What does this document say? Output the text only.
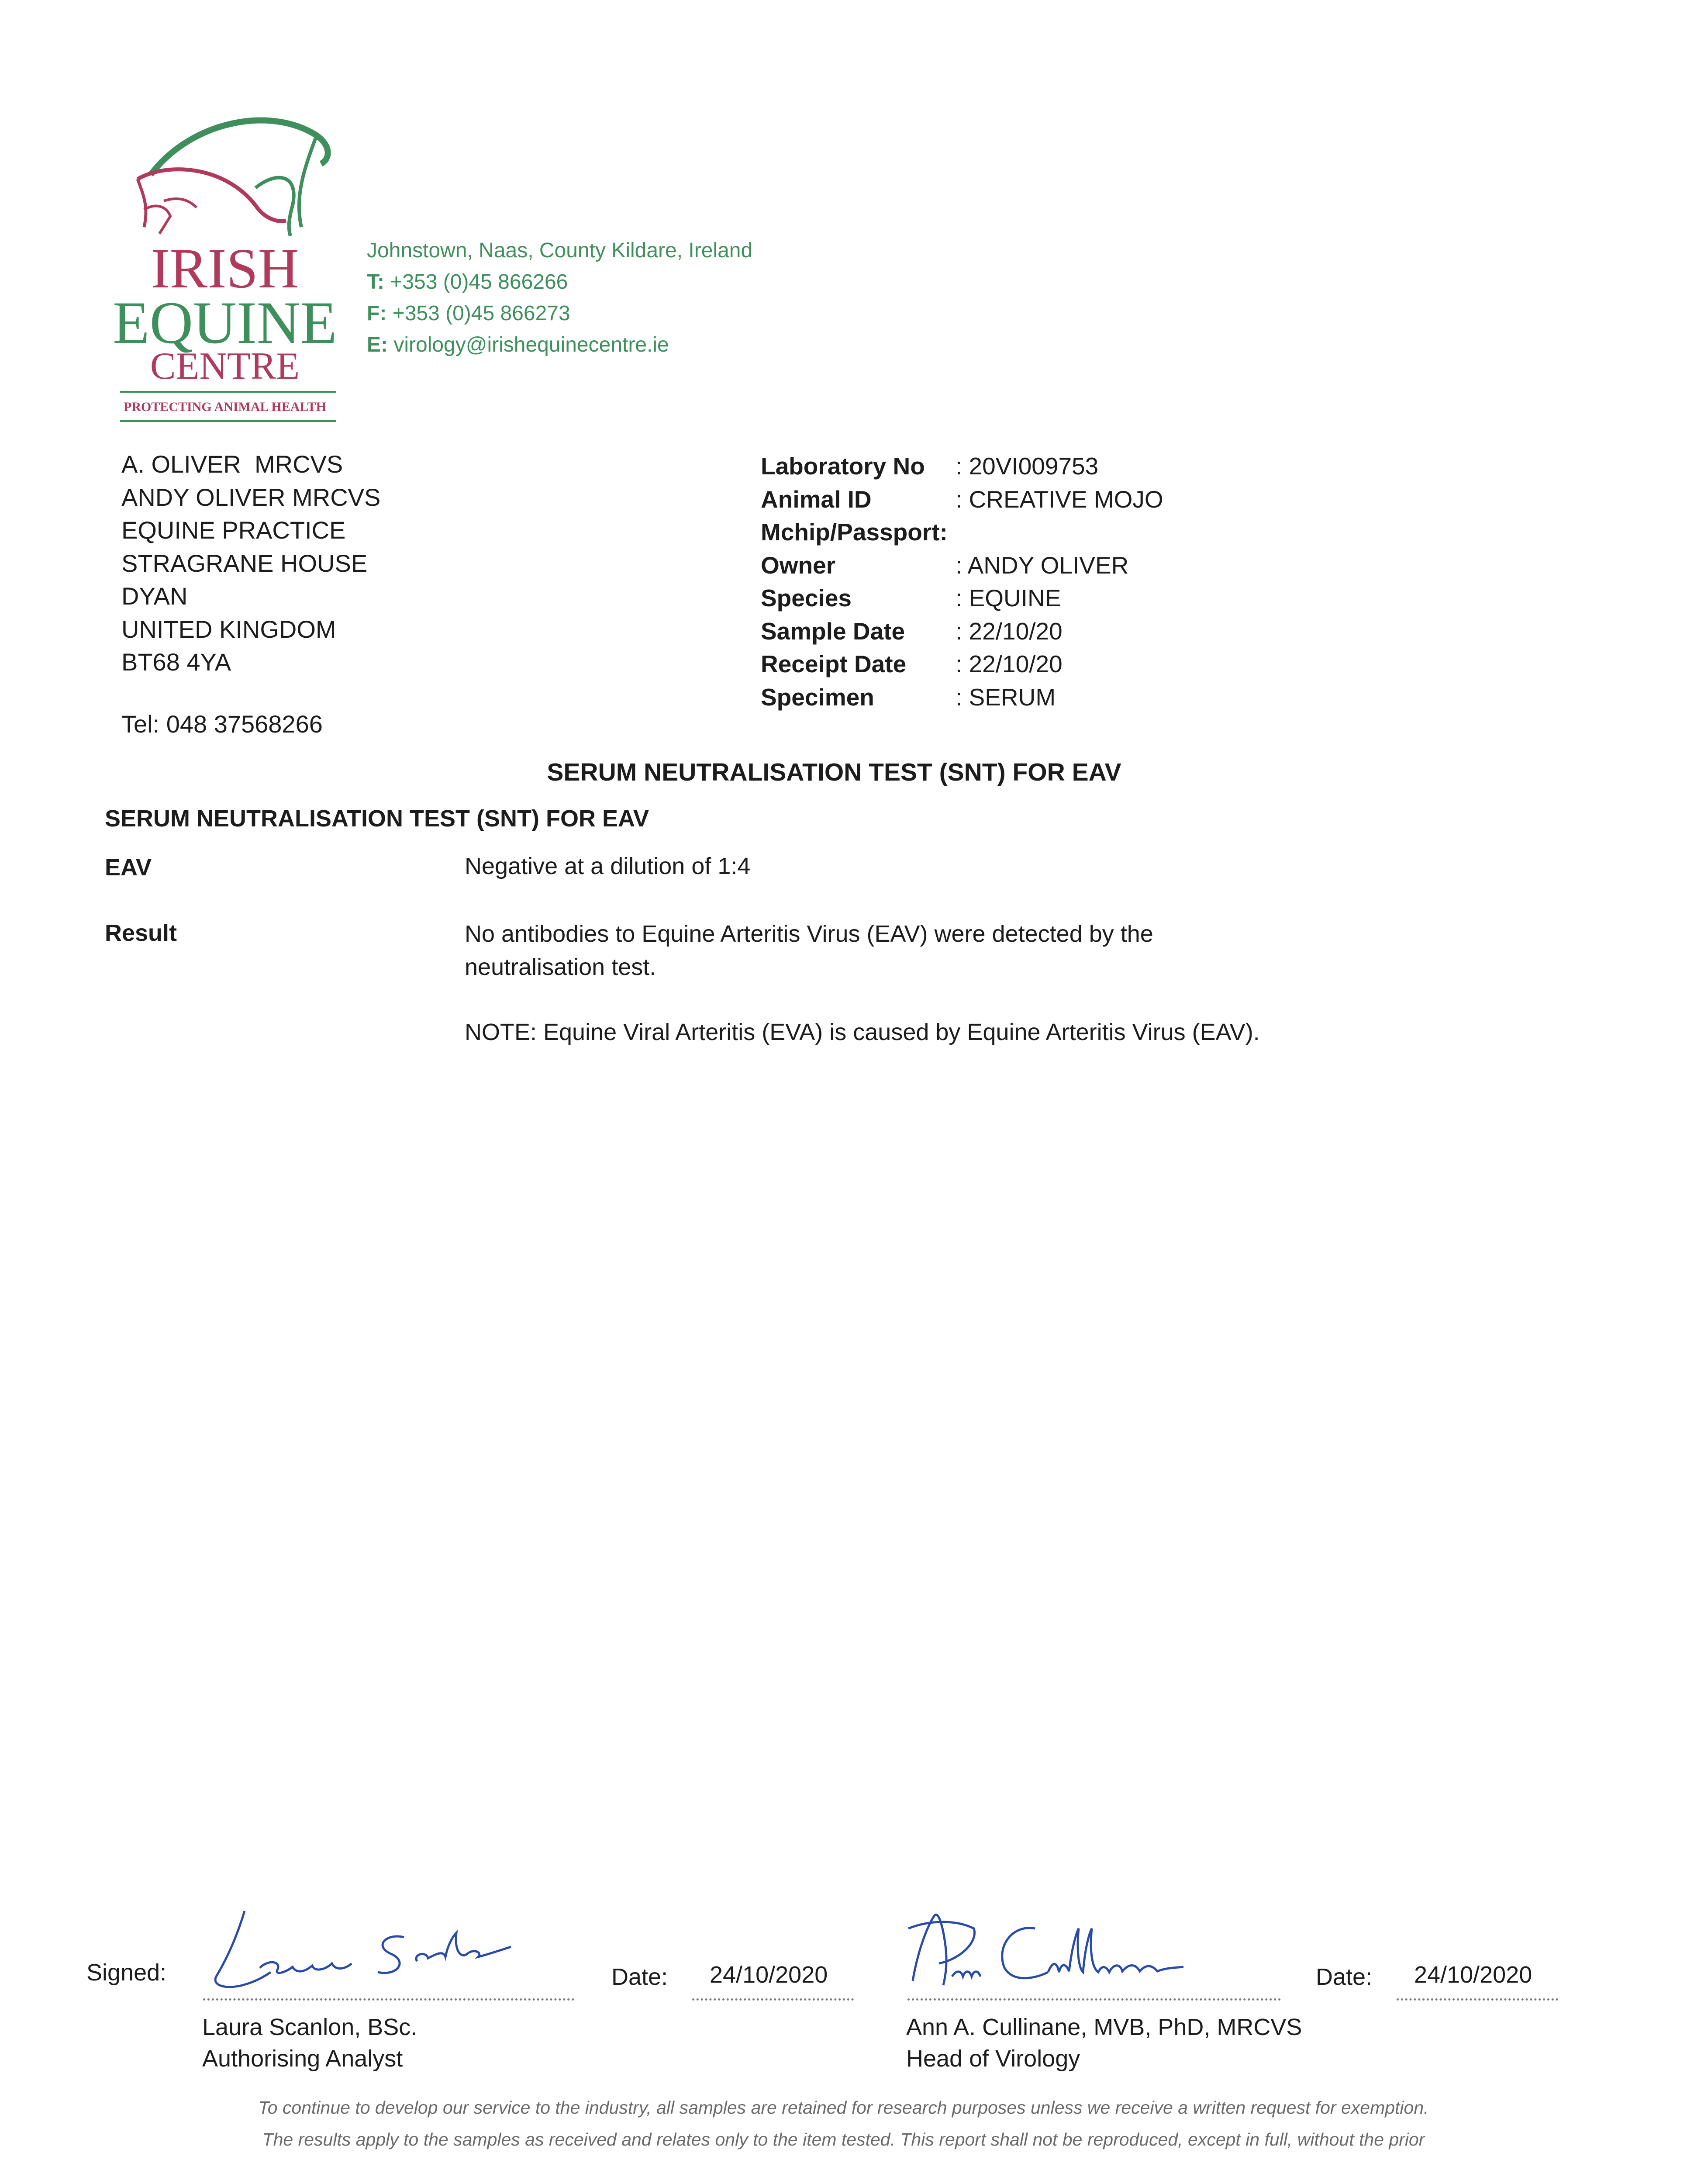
IRISH
EQUINE
CENTRE
PROTECTING ANIMAL HEALTH
Johnstown, Naas, County Kildare, Ireland
T: +353 (0)45 866266
F: +353 (0)45 866273
E: virology@irishequinecentre.ie
A. OLIVER  MRCVS
ANDY OLIVER MRCVS
EQUINE PRACTICE
STRAGRANE HOUSE
DYAN
UNITED KINGDOM
BT68 4YA
Tel: 048 37568266
Laboratory No	: 20VI009753
Animal ID	: CREATIVE MOJO
Mchip/Passport:
Owner	: ANDY OLIVER
Species	: EQUINE
Sample Date	: 22/10/20
Receipt Date	: 22/10/20
Specimen	: SERUM
SERUM NEUTRALISATION TEST (SNT) FOR EAV
SERUM NEUTRALISATION TEST (SNT) FOR EAV
EAV	Negative at a dilution of 1:4
Result	No antibodies to Equine Arteritis Virus (EAV) were detected by the neutralisation test.
NOTE: Equine Viral Arteritis (EVA) is caused by Equine Arteritis Virus (EAV).
Signed:	Date: 24/10/2020	Date: 24/10/2020
Laura Scanlon, BSc.
Authorising Analyst
Ann A. Cullinane, MVB, PhD, MRCVS
Head of Virology
To continue to develop our service to the industry, all samples are retained for research purposes unless we receive a written request for exemption.
The results apply to the samples as received and relates only to the item tested. This report shall not be reproduced, except in full, without the prior
